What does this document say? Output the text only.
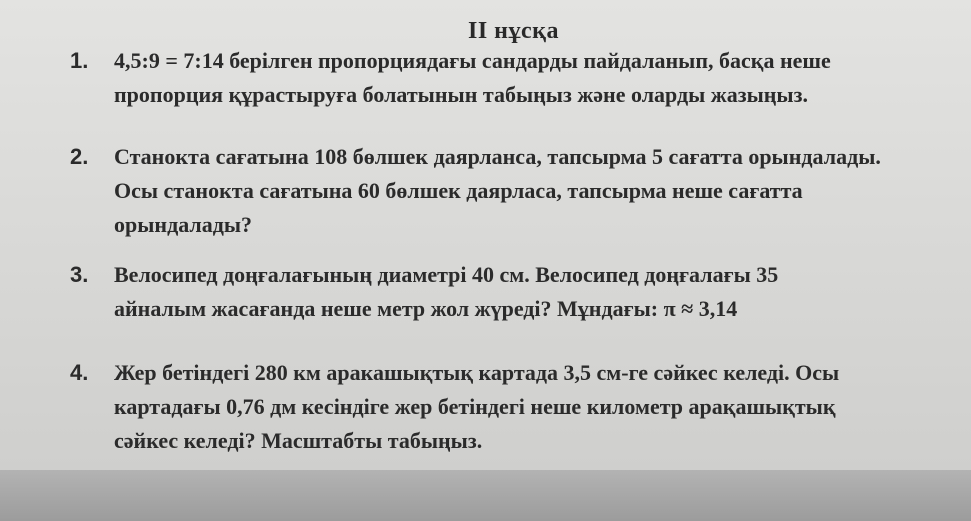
II нұсқа
1.	4,5:9 = 7:14 берілген пропорциядағы сандарды пайдаланып, басқа неше
пропорция құрастыруға болатынын табыңыз және оларды жазыңыз.
2.	Станокта сағатына 108 бөлшек даярланса, тапсырма 5 сағатта орындалады.
Осы станокта сағатына 60 бөлшек даярласа, тапсырма неше сағатта
орындалады?
3.	Велосипед доңғалағының диаметрі 40 см. Велосипед доңғалағы 35
айналым жасағанда неше метр жол жүреді? Мұндағы: π ≈ 3,14
4.	Жер бетіндегі 280 км аракашықтық картада 3,5 см-ге сәйкес келеді. Осы
картадағы 0,76 дм кесіндіге жер бетіндегі неше километр арақашықтық
сәйкес келеді? Масштабты табыңыз.
